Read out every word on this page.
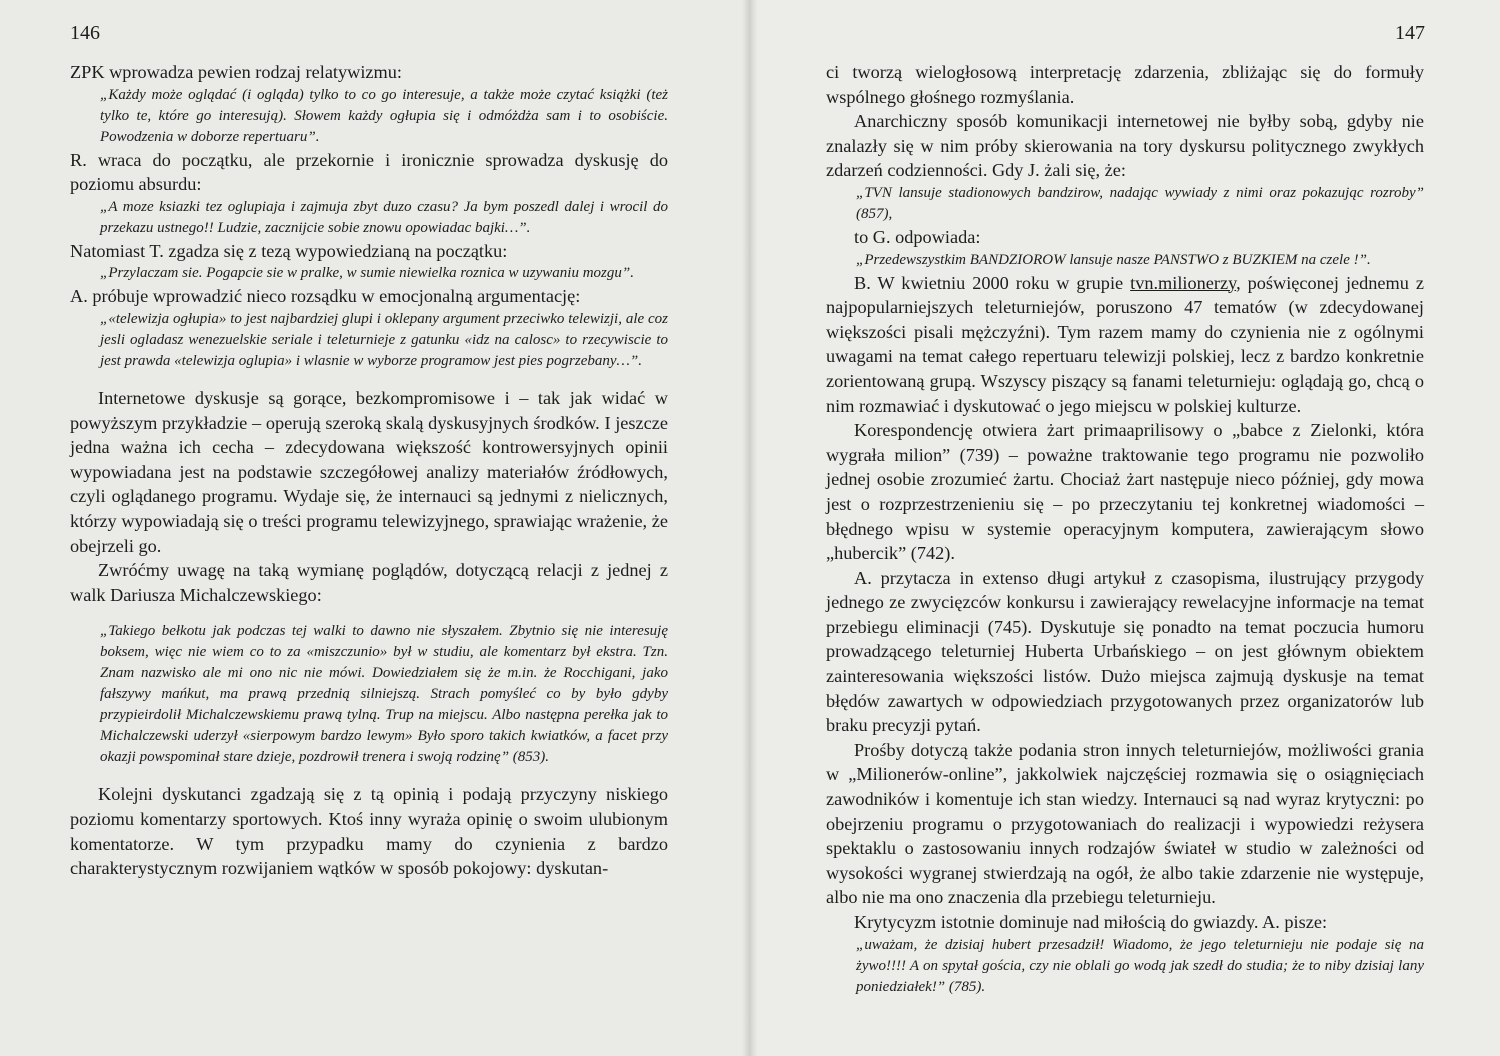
146

ZPK wprowadza pewien rodzaj relatywizmu:

„Każdy może oglądać (i ogląda) tylko to co go interesuje, a także może czytać książki (też tylko te, które go interesują). Słowem każdy ogłupia się i odmóżdża sam i to osobiście. Powodzenia w doborze repertuaru”.

R. wraca do początku, ale przekornie i ironicznie sprowadza dyskusję do poziomu absurdu:

„A moze ksiazki tez oglupiaja i zajmuja zbyt duzo czasu? Ja bym poszedl dalej i wrocil do przekazu ustnego!! Ludzie, zacznijcie sobie znowu opowiadac bajki…”.

Natomiast T. zgadza się z tezą wypowiedzianą na początku:

„Przylaczam sie. Pogapcie sie w pralke, w sumie niewielka roznica w uzywaniu mozgu”.

A. próbuje wprowadzić nieco rozsądku w emocjonalną argumentację:

„«telewizja ogłupia» to jest najbardziej glupi i oklepany argument przeciwko telewizji, ale coz jesli ogladasz wenezuelskie seriale i teleturnieje z gatunku «idz na calosc» to rzecywiscie to jest prawda «telewizja oglupia» i wlasnie w wyborze programow jest pies pogrzebany…”.

Internetowe dyskusje są gorące, bezkompromisowe i – tak jak widać w powyższym przykładzie – operują szeroką skalą dyskusyjnych środków. I jeszcze jedna ważna ich cecha – zdecydowana większość kontrowersyjnych opinii wypowiadana jest na podstawie szczegółowej analizy materiałów źródłowych, czyli oglądanego programu. Wydaje się, że internauci są jednymi z nielicznych, którzy wypowiadają się o treści programu telewizyjnego, sprawiając wrażenie, że obejrzeli go.

Zwróćmy uwagę na taką wymianę poglądów, dotyczącą relacji z jednej z walk Dariusza Michalczewskiego:

„Takiego bełkotu jak podczas tej walki to dawno nie słyszałem. Zbytnio się nie interesuję boksem, więc nie wiem co to za «miszczunio» był w studiu, ale komentarz był ekstra. Tzn. Znam nazwisko ale mi ono nic nie mówi. Dowiedziałem się że m.in. że Rocchigani, jako fałszywy mańkut, ma prawą przednią silniejszą. Strach pomyśleć co by było gdyby przypieirdolił Michalczewskiemu prawą tylną. Trup na miejscu. Albo następna perełka jak to Michalczewski uderzył «sierpowym bardzo lewym» Było sporo takich kwiatków, a facet przy okazji powspominał stare dzieje, pozdrowił trenera i swoją rodzinę” (853).

Kolejni dyskutanci zgadzają się z tą opinią i podają przyczyny niskiego poziomu komentarzy sportowych. Ktoś inny wyraża opinię o swoim ulubionym komentatorze. W tym przypadku mamy do czynienia z bardzo charakterystycznym rozwijaniem wątków w sposób pokojowy: dyskutan-

147

ci tworzą wielogłosową interpretację zdarzenia, zbliżając się do formuły wspólnego głośnego rozmyślania.

Anarchiczny sposób komunikacji internetowej nie byłby sobą, gdyby nie znalazły się w nim próby skierowania na tory dyskursu politycznego zwykłych zdarzeń codzienności. Gdy J. żali się, że:

„TVN lansuje stadionowych bandzirow, nadając wywiady z nimi oraz pokazując rozroby” (857),

to G. odpowiada:

„Przedewszystkim BANDZIOROW lansuje nasze PANSTWO z BUZKIEM na czele !”.

B. W kwietniu 2000 roku w grupie tvn.milionerzy, poświęconej jednemu z najpopularniejszych teleturniejów, poruszono 47 tematów (w zdecydowanej większości pisali mężczyźni). Tym razem mamy do czynienia nie z ogólnymi uwagami na temat całego repertuaru telewizji polskiej, lecz z bardzo konkretnie zorientowaną grupą. Wszyscy piszący są fanami teleturnieju: oglądają go, chcą o nim rozmawiać i dyskutować o jego miejscu w polskiej kulturze.

Korespondencję otwiera żart primaaprilisowy o „babce z Zielonki, która wygrała milion” (739) – poważne traktowanie tego programu nie pozwoliło jednej osobie zrozumieć żartu. Chociaż żart następuje nieco później, gdy mowa jest o rozprzestrzenieniu się – po przeczytaniu tej konkretnej wiadomości – błędnego wpisu w systemie operacyjnym komputera, zawierającym słowo „hubercik” (742).

A. przytacza in extenso długi artykuł z czasopisma, ilustrujący przygody jednego ze zwycięzców konkursu i zawierający rewelacyjne informacje na temat przebiegu eliminacji (745). Dyskutuje się ponadto na temat poczucia humoru prowadzącego teleturniej Huberta Urbańskiego – on jest głównym obiektem zainteresowania większości listów. Dużo miejsca zajmują dyskusje na temat błędów zawartych w odpowiedziach przygotowanych przez organizatorów lub braku precyzji pytań.

Prośby dotyczą także podania stron innych teleturniejów, możliwości grania w „Milionerów-online”, jakkolwiek najczęściej rozmawia się o osiągnięciach zawodników i komentuje ich stan wiedzy. Internauci są nad wyraz krytyczni: po obejrzeniu programu o przygotowaniach do realizacji i wypowiedzi reżysera spektaklu o zastosowaniu innych rodzajów świateł w studio w zależności od wysokości wygranej stwierdzają na ogół, że albo takie zdarzenie nie występuje, albo nie ma ono znaczenia dla przebiegu teleturnieju.

Krytycyzm istotnie dominuje nad miłością do gwiazdy. A. pisze:

„uważam, że dzisiaj hubert przesadził! Wiadomo, że jego teleturnieju nie podaje się na żywo!!!! A on spytał gościa, czy nie oblali go wodą jak szedł do studia; że to niby dzisiaj lany poniedziałek!” (785).
